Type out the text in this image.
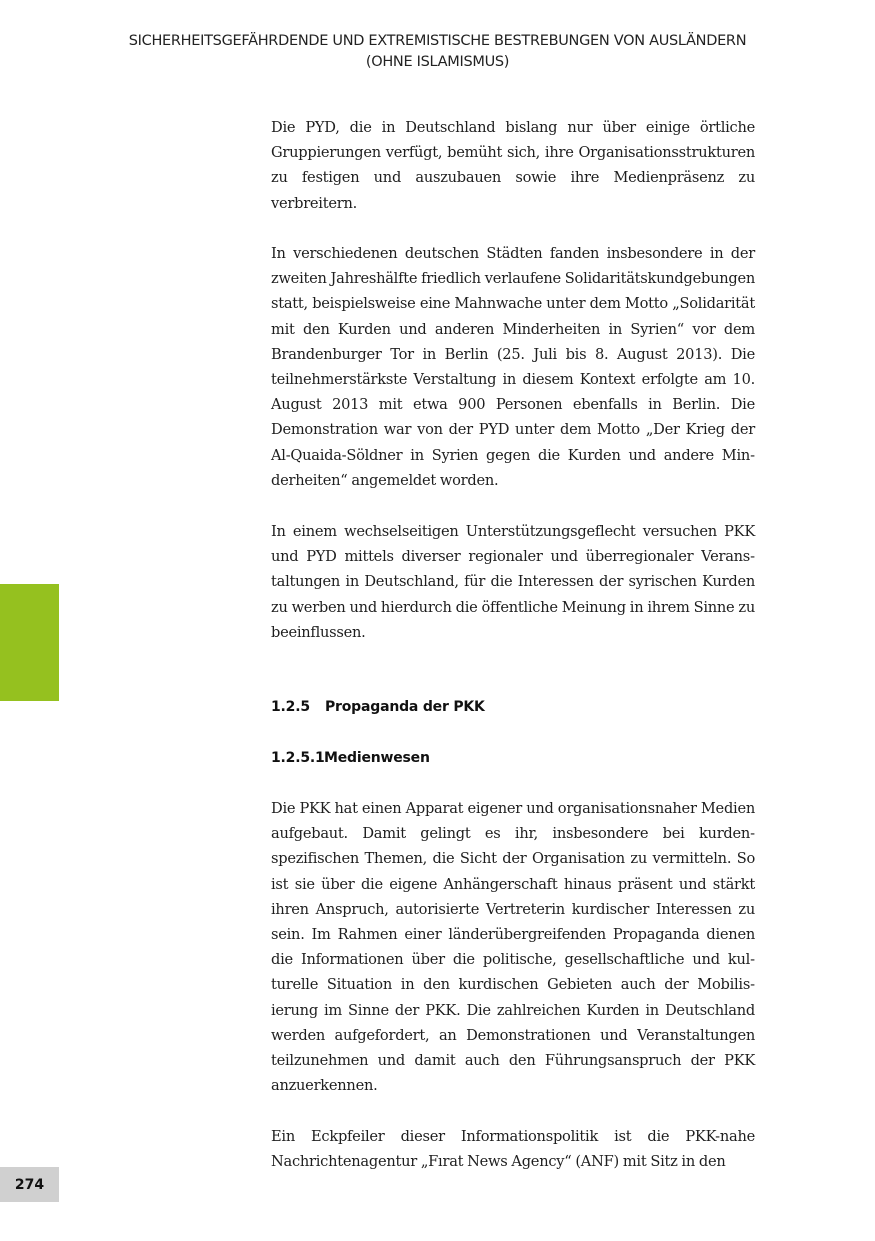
SICHERHEITSGEFÄHRDENDE UND EXTREMISTISCHE BESTREBUNGEN VON AUSLÄNDERN
(OHNE ISLAMISMUS)
274

Die PYD, die in Deutschland bislang nur über einige örtliche Gruppierungen verfügt, bemüht sich, ihre Organisationsstrukturen zu festigen und auszubauen sowie ihre Medienpräsenz zu verbreitern.

In verschiedenen deutschen Städten fanden insbesondere in der zweiten Jahreshälfte friedlich verlaufene Solidaritätskundgebungen statt, beispielsweise eine Mahnwache unter dem Motto „Solidarität mit den Kurden und anderen Minderheiten in Syrien“ vor dem Brandenburger Tor in Berlin (25. Juli bis 8. August 2013). Die teilnehmerstärkste Verstaltung in diesem Kontext erfolgte am 10. August 2013 mit etwa 900 Personen ebenfalls in Berlin. Die Demonstration war von der PYD unter dem Motto „Der Krieg der Al-Quaida-Söldner in Syrien gegen die Kurden und andere Minderheiten“ angemeldet worden.

In einem wechselseitigen Unterstützungsgeflecht versuchen PKK und PYD mittels diverser regionaler und überregionaler Veranstaltungen in Deutschland, für die Interessen der syrischen Kurden zu werben und hierdurch die öffentliche Meinung in ihrem Sinne zu beeinflussen.

1.2.5 Propaganda der PKK
1.2.5.1Medienwesen

Die PKK hat einen Apparat eigener und organisationsnaher Medien aufgebaut. Damit gelingt es ihr, insbesondere bei kurdenspezifischen Themen, die Sicht der Organisation zu vermitteln. So ist sie über die eigene Anhängerschaft hinaus präsent und stärkt ihren Anspruch, autorisierte Vertreterin kurdischer Interessen zu sein. Im Rahmen einer länderübergreifenden Propaganda dienen die Informationen über die politische, gesellschaftliche und kulturelle Situation in den kurdischen Gebieten auch der Mobilisierung im Sinne der PKK. Die zahlreichen Kurden in Deutschland werden aufgefordert, an Demonstrationen und Veranstaltungen teilzunehmen und damit auch den Führungsanspruch der PKK anzuerkennen.

Ein Eckpfeiler dieser Informationspolitik ist die PKK-nahe Nachrichtenagentur „Fırat News Agency“ (ANF) mit Sitz in den
